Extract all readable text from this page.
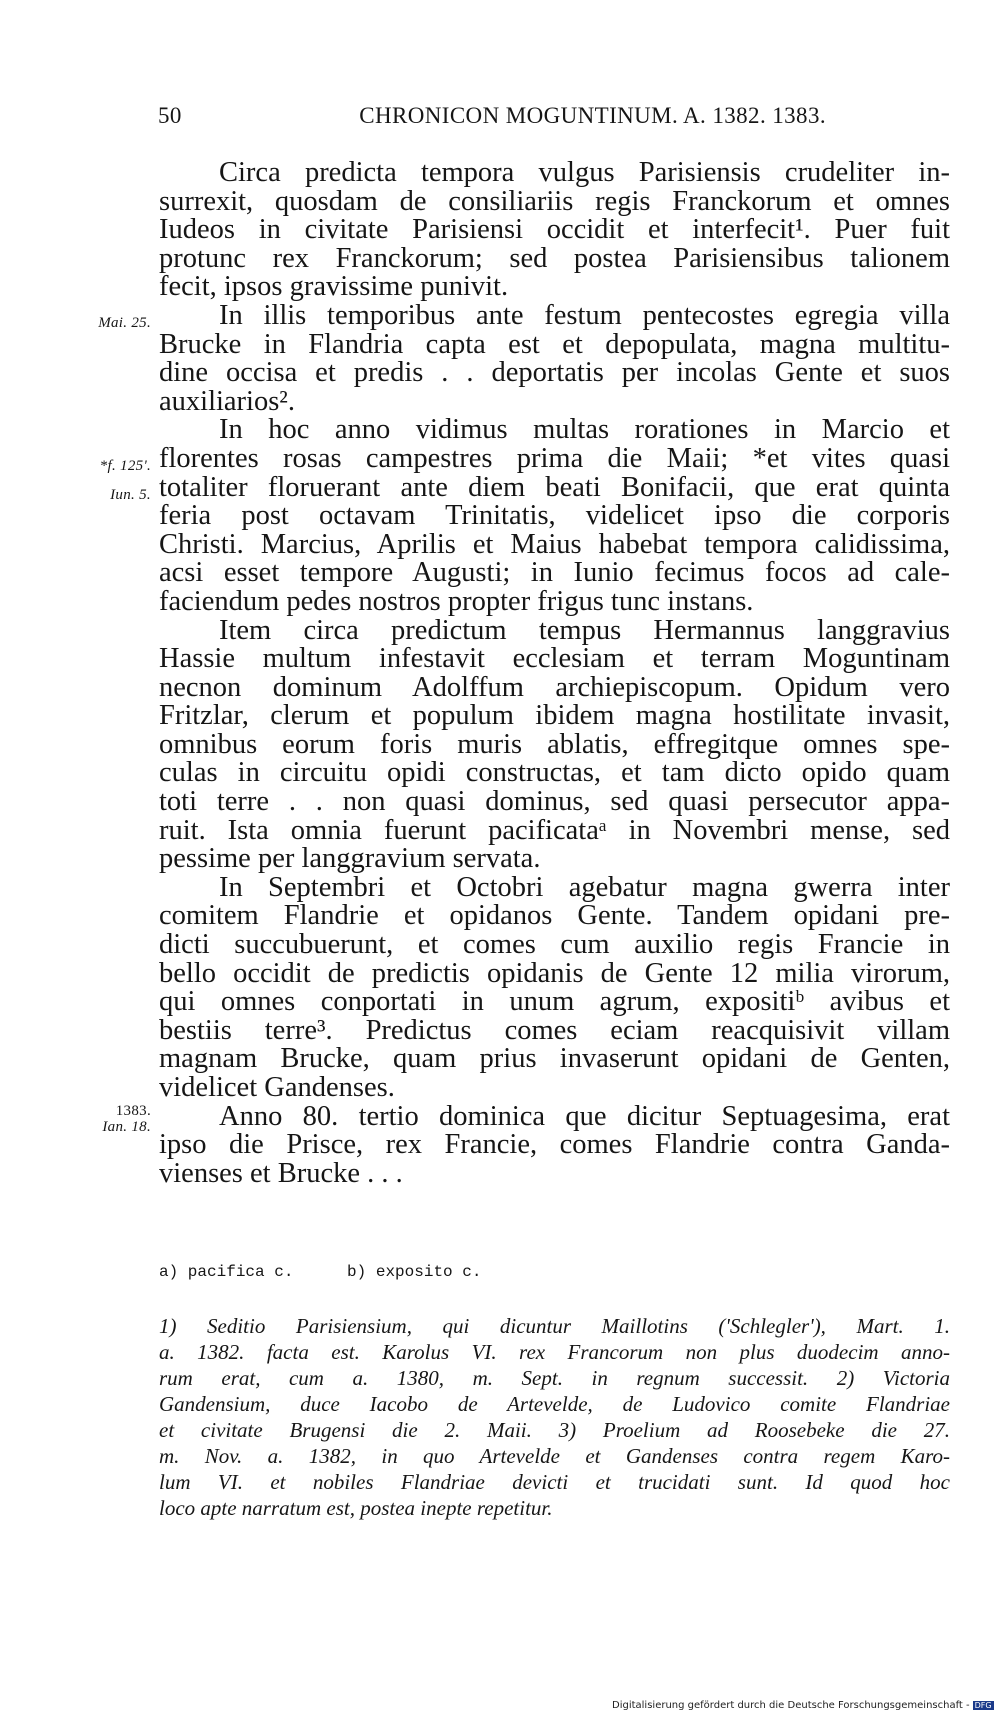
50	CHRONICON MOGUNTINUM. A. 1382. 1383.
Circa predicta tempora vulgus Parisiensis crudeliter in-
surrexit, quosdam de consiliariis regis Franckorum et omnes
Iudeos in civitate Parisiensi occidit et interfecit¹. Puer fuit
protunc rex Franckorum; sed postea Parisiensibus talionem
fecit, ipsos gravissime punivit.
Mai. 25.	In illis temporibus ante festum pentecostes egregia villa
Brucke in Flandria capta est et depopulata, magna multitu-
dine occisa et predis . . deportatis per incolas Gente et suos
auxiliarios².
In hoc anno vidimus multas rorationes in Marcio et
*f. 125'. florentes rosas campestres prima die Maii; *et vites quasi
Iun. 5. totaliter floruerant ante diem beati Bonifacii, que erat quinta
feria post octavam Trinitatis, videlicet ipso die corporis
Christi. Marcius, Aprilis et Maius habebat tempora calidissima,
acsi esset tempore Augusti; in Iunio fecimus focos ad cale-
faciendum pedes nostros propter frigus tunc instans.
Item circa predictum tempus Hermannus langgravius
Hassie multum infestavit ecclesiam et terram Moguntinam
necnon dominum Adolffum archiepiscopum. Opidum vero
Fritzlar, clerum et populum ibidem magna hostilitate invasit,
omnibus eorum foris muris ablatis, effregitque omnes spe-
culas in circuitu opidi constructas, et tam dicto opido quam
toti terre . . non quasi dominus, sed quasi persecutor appa-
ruit. Ista omnia fuerunt pacificataᵃ in Novembri mense, sed
pessime per langgravium servata.
In Septembri et Octobri agebatur magna gwerra inter
comitem Flandrie et opidanos Gente. Tandem opidani pre-
dicti succubuerunt, et comes cum auxilio regis Francie in
bello occidit de predictis opidanis de Gente 12 milia virorum,
qui omnes conportati in unum agrum, expositiᵇ avibus et
bestiis terre³. Predictus comes eciam reacquisivit villam
magnam Brucke, quam prius invaserunt opidani de Genten,
videlicet Gandenses.
1383.
Ian. 18.	Anno 80. tertio dominica que dicitur Septuagesima, erat
ipso die Prisce, rex Francie, comes Flandrie contra Ganda-
vienses et Brucke . . .
a) pacifica c.	b) exposito c.
1) Seditio Parisiensium, qui dicuntur Maillotins ('Schlegler'), Mart. 1.
a. 1382. facta est. Karolus VI. rex Francorum non plus duodecim anno-
rum erat, cum a. 1380, m. Sept. in regnum successit. 2) Victoria
Gandensium, duce Iacobo de Artevelde, de Ludovico comite Flandriae
et civitate Brugensi die 2. Maii. 3) Proelium ad Roosebeke die 27.
m. Nov. a. 1382, in quo Artevelde et Gandenses contra regem Karo-
lum VI. et nobiles Flandriae devicti et trucidati sunt. Id quod hoc
loco apte narratum est, postea inepte repetitur.
Digitalisierung gefördert durch die Deutsche Forschungsgemeinschaft - DFG
